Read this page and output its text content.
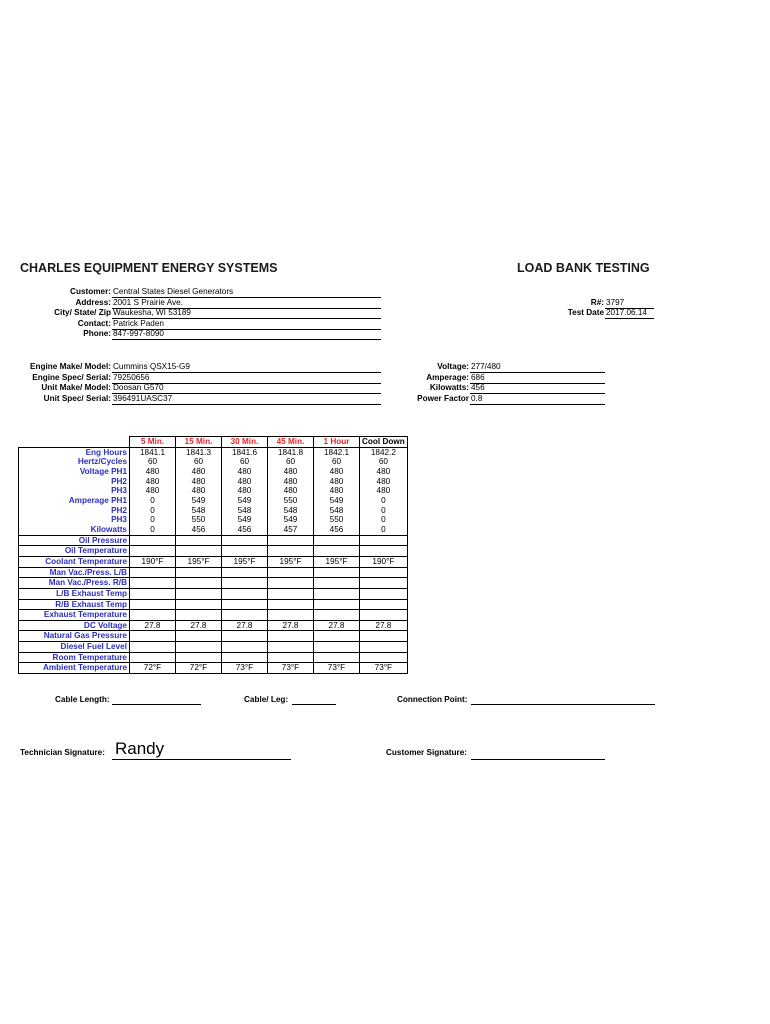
CHARLES EQUIPMENT ENERGY SYSTEMS	LOAD BANK TESTING
Customer: Central States Diesel Generators
Address: 2001 S Prairie Ave.
City/ State/ Zip Waukesha, WI 53189
Contact: Patrick Paden
Phone: 847-997-8090
R#: 3797
Test Date 2017.06.14
Engine Make/ Model: Cummins QSX15-G9
Engine Spec/ Serial: 79250656
Unit Make/ Model: Doosan G570
Unit Spec/ Serial: 396491UASC37
Voltage: 277/480
Amperage: 686
Kilowatts: 456
Power Factor 0.8
	5 Min.	15 Min.	30 Min.	45 Min.	1 Hour	Cool Down
Eng Hours	1841.1	1841.3	1841.6	1841.8	1842.1	1842.2
Hertz/Cycles	60	60	60	60	60	60
Voltage PH1	480	480	480	480	480	480
PH2	480	480	480	480	480	480
PH3	480	480	480	480	480	480
Amperage PH1	0	549	549	550	549	0
PH2	0	548	548	548	548	0
PH3	0	550	549	549	550	0
Kilowatts	0	456	456	457	456	0
Oil Pressure						
Oil Temperature						
Coolant Temperature	190°F	195°F	195°F	195°F	195°F	190°F
Man Vac./Press. L/B						
Man Vac./Press. R/B						
L/B Exhaust Temp						
R/B Exhaust Temp						
Exhaust Temperature						
DC Voltage	27.8	27.8	27.8	27.8	27.8	27.8
Natural Gas Pressure						
Diesel Fuel Level						
Room Temperature						
Ambient Temperature	72°F	72°F	73°F	73°F	73°F	73°F
Cable Length:	Cable/ Leg:	Connection Point:
Technician Signature: Randy	Customer Signature:
